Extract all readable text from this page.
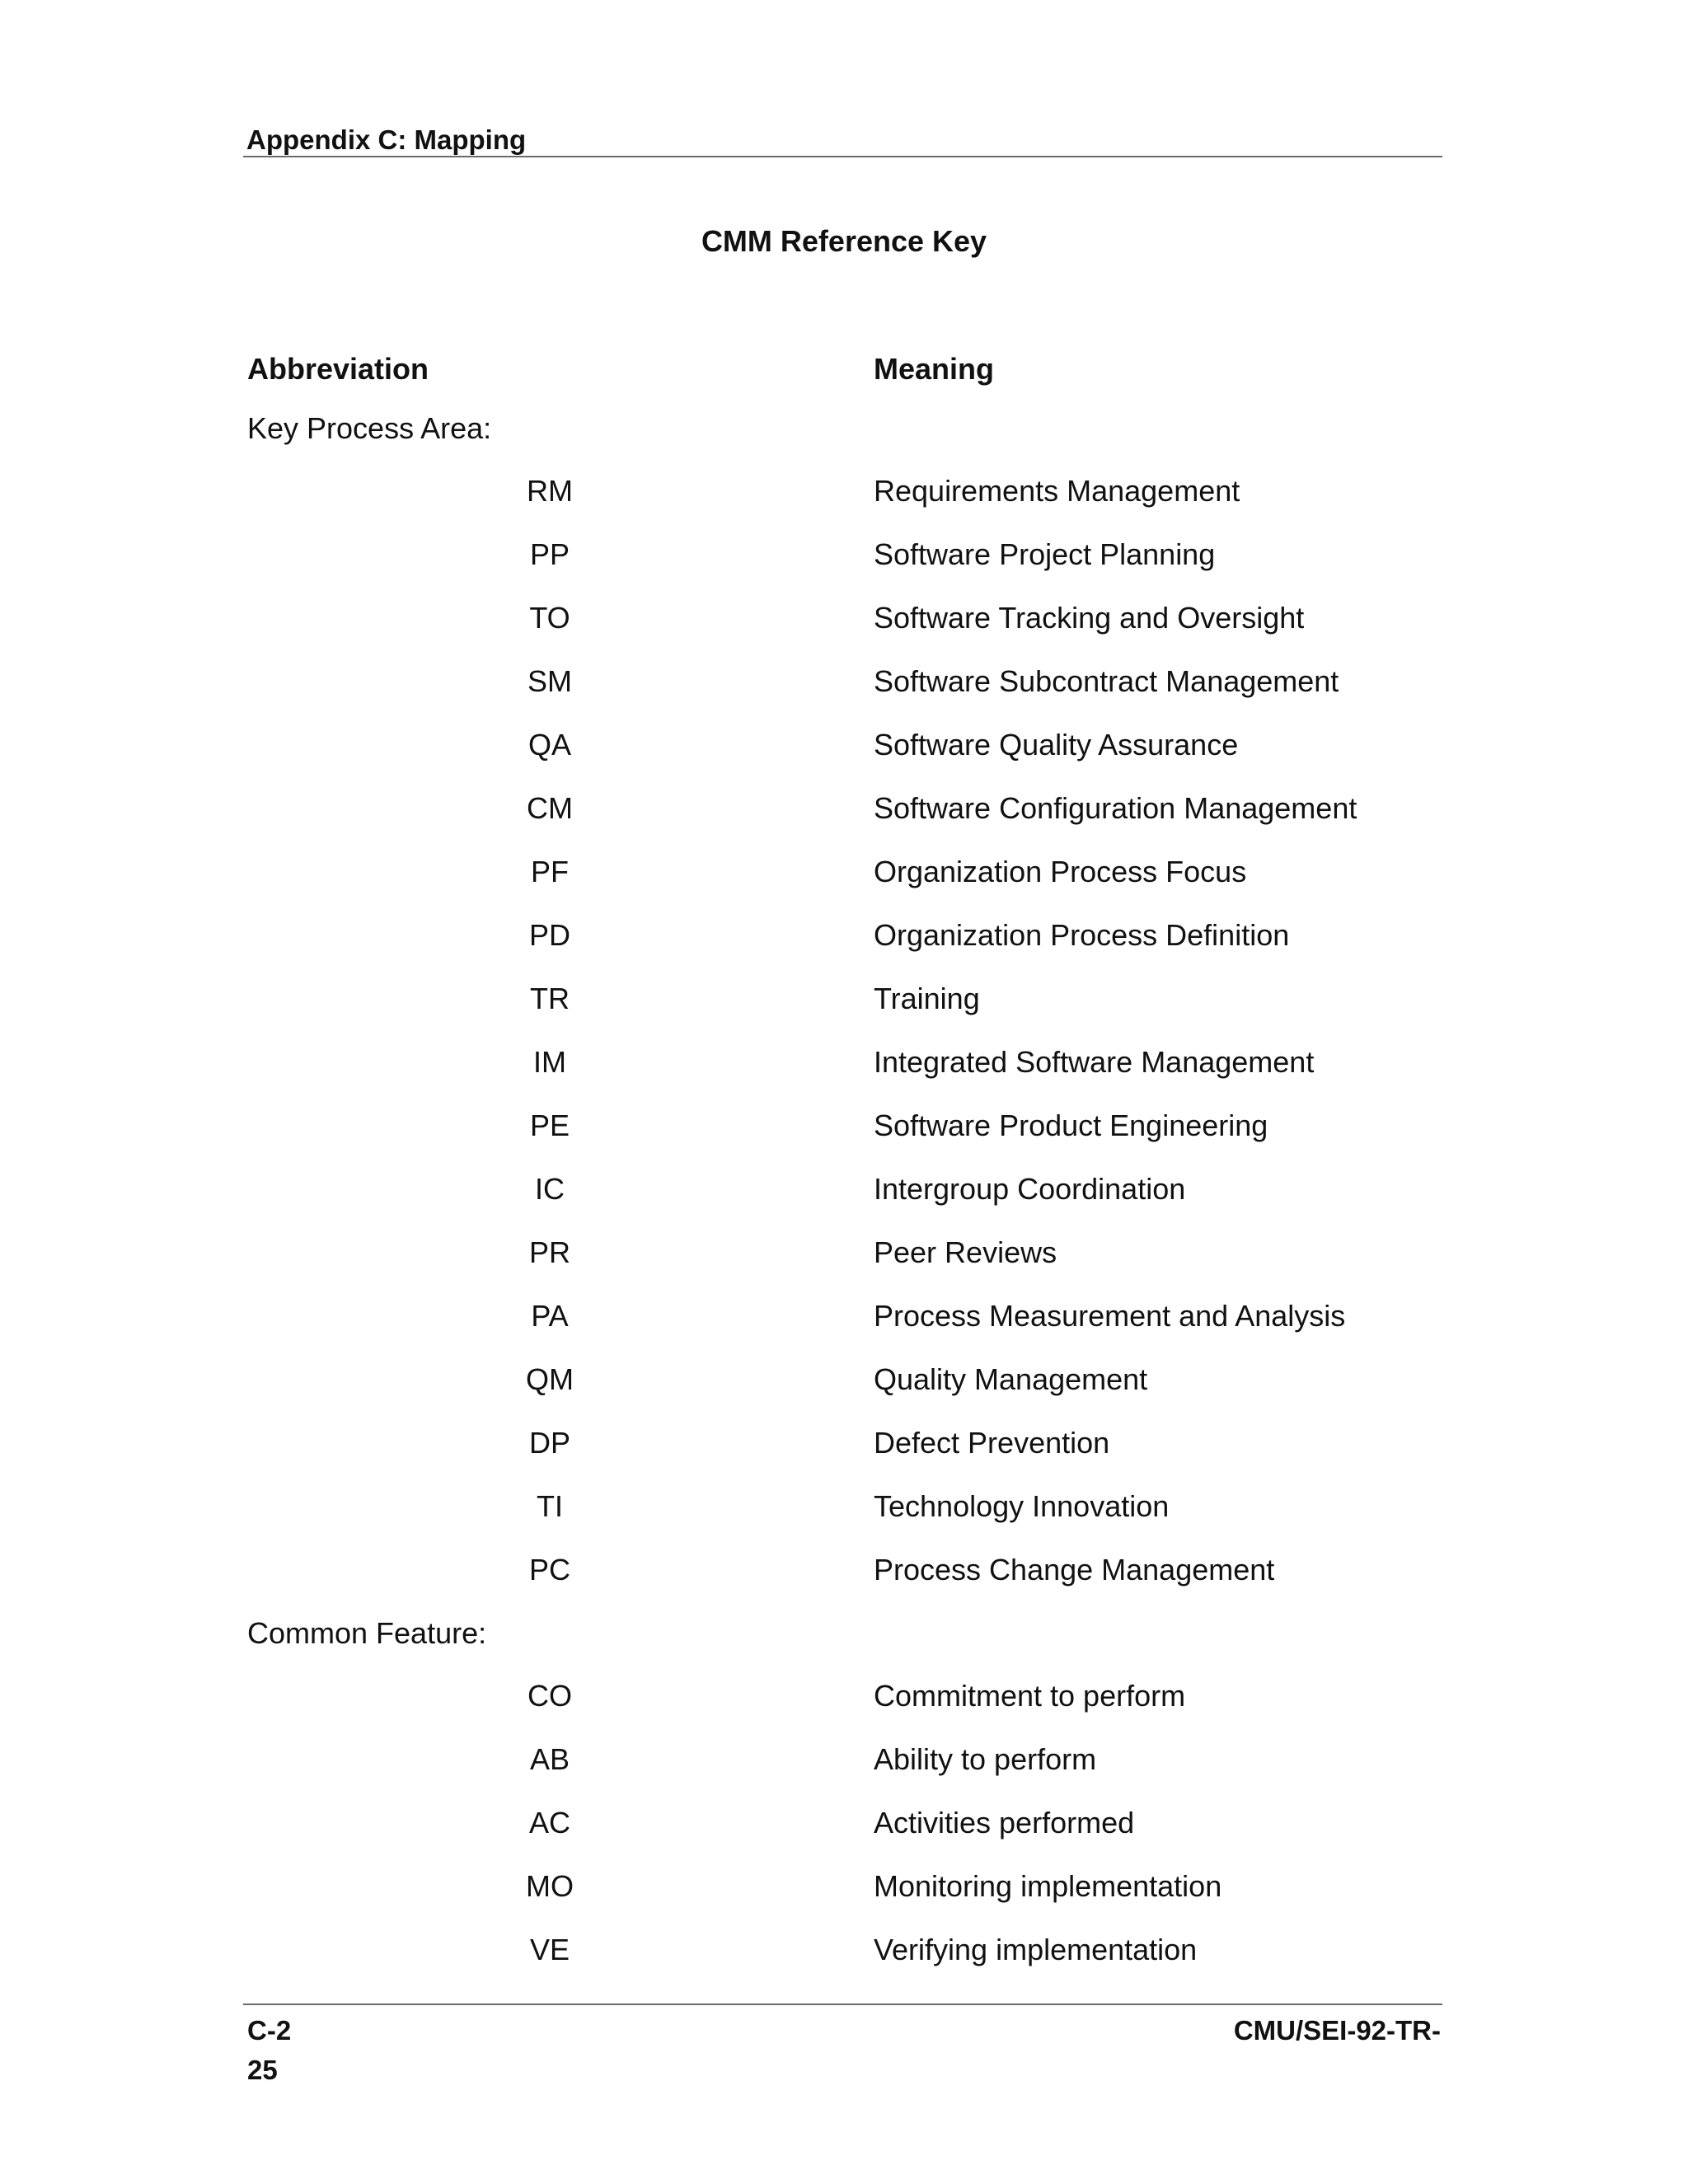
Appendix C: Mapping
CMM Reference Key
Abbreviation	Meaning
Key Process Area:
RM	Requirements Management
PP	Software Project Planning
TO	Software Tracking and Oversight
SM	Software Subcontract Management
QA	Software Quality Assurance
CM	Software Configuration Management
PF	Organization Process Focus
PD	Organization Process Definition
TR	Training
IM	Integrated Software Management
PE	Software Product Engineering
IC	Intergroup Coordination
PR	Peer Reviews
PA	Process Measurement and Analysis
QM	Quality Management
DP	Defect Prevention
TI	Technology Innovation
PC	Process Change Management
Common Feature:
CO	Commitment to perform
AB	Ability to perform
AC	Activities performed
MO	Monitoring implementation
VE	Verifying implementation
C-2
25
CMU/SEI-92-TR-
